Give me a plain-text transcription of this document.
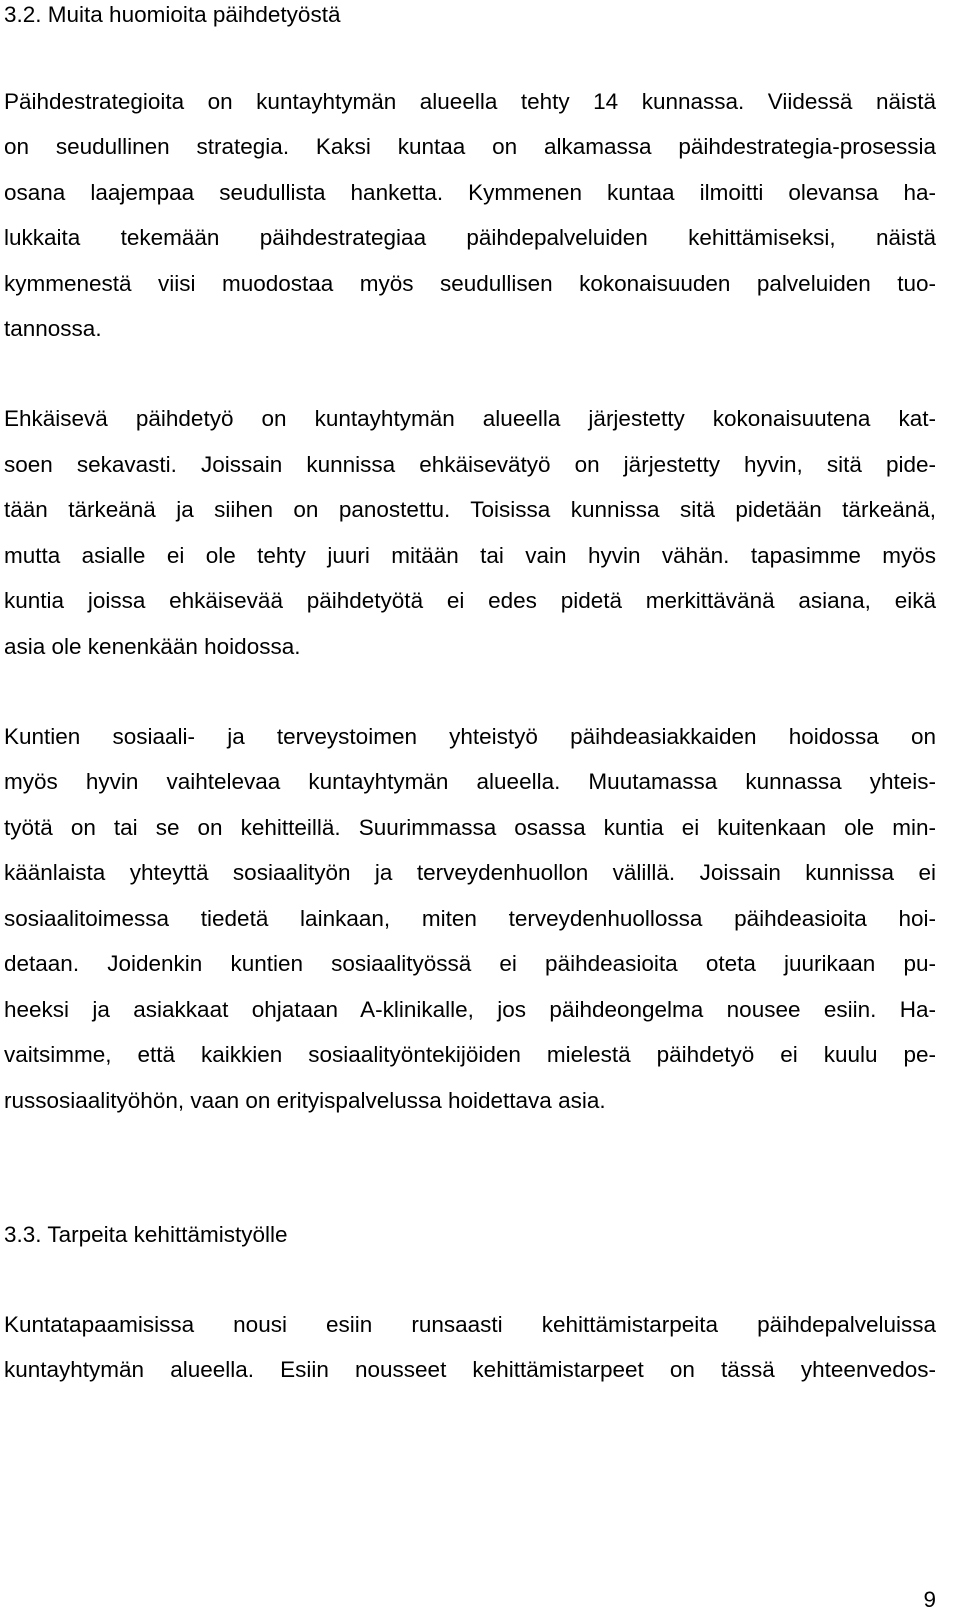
3.2. Muita huomioita päihdetyöstä
Päihdestrategioita on kuntayhtymän alueella tehty 14 kunnassa. Viidessä näistä
on seudullinen strategia. Kaksi kuntaa on alkamassa päihdestrategia-prosessia
osana laajempaa seudullista hanketta. Kymmenen kuntaa ilmoitti olevansa ha-
lukkaita tekemään päihdestrategiaa päihdepalveluiden kehittämiseksi, näistä
kymmenestä viisi muodostaa myös seudullisen kokonaisuuden palveluiden tuo-
tannossa.
Ehkäisevä päihdetyö on kuntayhtymän alueella järjestetty kokonaisuutena kat-
soen sekavasti. Joissain kunnissa ehkäisevätyö on järjestetty hyvin, sitä pide-
tään tärkeänä ja siihen on panostettu. Toisissa kunnissa sitä pidetään tärkeänä,
mutta asialle ei ole tehty juuri mitään tai vain hyvin vähän. tapasimme myös
kuntia joissa ehkäisevää päihdetyötä ei edes pidetä merkittävänä asiana, eikä
asia ole kenenkään hoidossa.
Kuntien sosiaali- ja terveystoimen yhteistyö päihdeasiakkaiden hoidossa on
myös hyvin vaihtelevaa kuntayhtymän alueella. Muutamassa kunnassa yhteis-
työtä on tai se on kehitteillä. Suurimmassa osassa kuntia ei kuitenkaan ole min-
käänlaista yhteyttä sosiaalityön ja terveydenhuollon välillä. Joissain kunnissa ei
sosiaalitoimessa tiedetä lainkaan, miten terveydenhuollossa päihdeasioita hoi-
detaan. Joidenkin kuntien sosiaalityössä ei päihdeasioita oteta juurikaan pu-
heeksi ja asiakkaat ohjataan A-klinikalle, jos päihdeongelma nousee esiin. Ha-
vaitsimme, että kaikkien sosiaalityöntekijöiden mielestä päihdetyö ei kuulu pe-
russosiaalityöhön, vaan on erityispalvelussa hoidettava asia.
3.3. Tarpeita kehittämistyölle
Kuntatapaamisissa nousi esiin runsaasti kehittämistarpeita päihdepalveluissa
kuntayhtymän alueella. Esiin nousseet kehittämistarpeet on tässä yhteenvedos-
9
